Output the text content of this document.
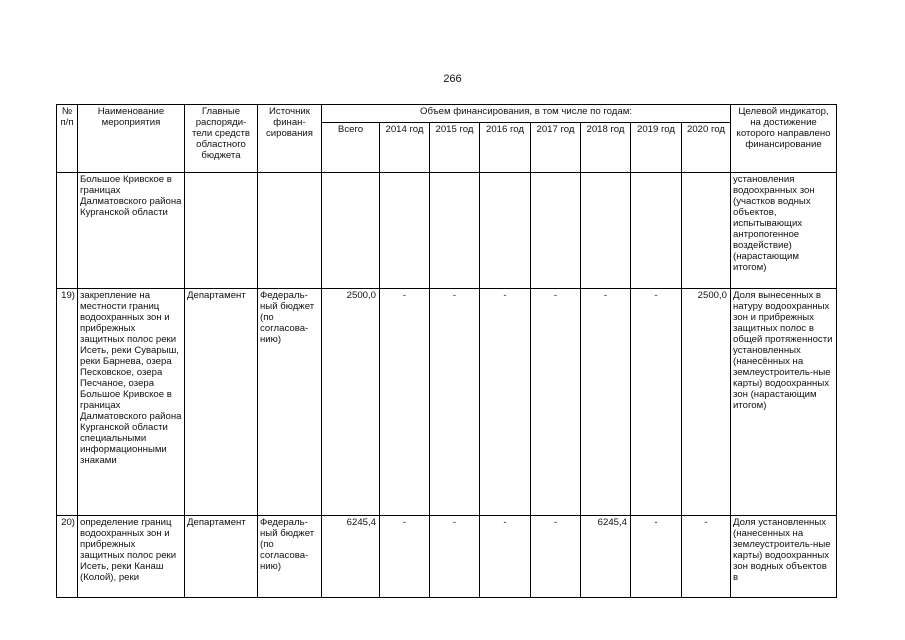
266
№ п/п	Наименование мероприятия	Главные распоряди-тели средств областного бюджета	Источник финан-сирования	Объем финансирования, в том числе по годам:								Целевой индикатор, на достижение которого направлено финансирование
				Всего	2014 год	2015 год	2016 год	2017 год	2018 год	2019 год	2020 год	
	Большое Кривское в границах Далматовского района Курганской области											установления водоохранных зон (участков водных объектов, испытывающих антропогенное воздействие) (нарастающим итогом)
19)	закрепление на местности границ водоохранных зон и прибрежных защитных полос реки Исеть, реки Суварыш, реки Барнева, озера Песковское, озера Песчаное, озера Большое Кривское в границах Далматовского района Курганской области специальными информационными знаками	Департамент	Федераль-ный бюджет (по согласова-нию)	2500,0	-	-	-	-	-	-	2500,0	Доля вынесенных в натуру водоохранных зон и прибрежных защитных полос в общей протяженности установленных (нанесённых на землеустроитель-ные карты) водоохранных зон (нарастающим итогом)
20)	определение границ водоохранных зон и прибрежных защитных полос реки Исеть, реки Канаш (Колой), реки	Департамент	Федераль-ный бюджет (по согласова-нию)	6245,4	-	-	-	-	6245,4	-	-	Доля установленных (нанесенных на землеустроитель-ные карты) водоохранных зон водных объектов в
